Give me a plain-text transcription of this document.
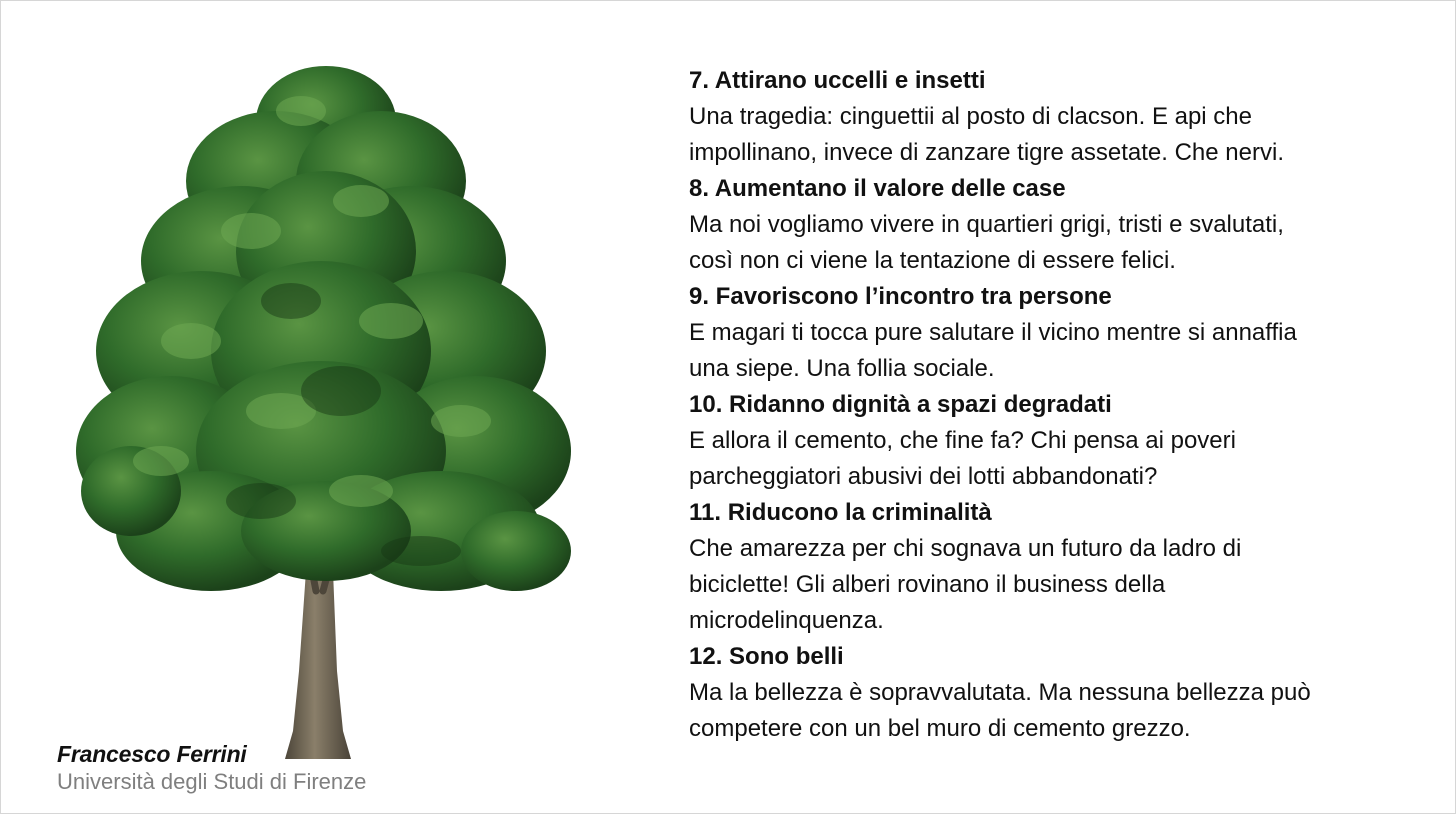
Francesco Ferrini
Università degli Studi di Firenze
7. Attirano uccelli e insetti
Una tragedia: cinguettii al posto di clacson. E api che
impollinano, invece di zanzare tigre assetate. Che nervi.
8. Aumentano il valore delle case
Ma noi vogliamo vivere in quartieri grigi, tristi e svalutati,
così non ci viene la tentazione di essere felici.
9. Favoriscono l’incontro tra persone
E magari ti tocca pure salutare il vicino mentre si annaffia
una siepe. Una follia sociale.
10. Ridanno dignità a spazi degradati
E allora il cemento, che fine fa? Chi pensa ai poveri
parcheggiatori abusivi dei lotti abbandonati?
11. Riducono la criminalità
Che amarezza per chi sognava un futuro da ladro di
biciclette! Gli alberi rovinano il business della
microdelinquenza.
12. Sono belli
Ma la bellezza è sopravvalutata. Ma nessuna bellezza può
competere con un bel muro di cemento grezzo.
